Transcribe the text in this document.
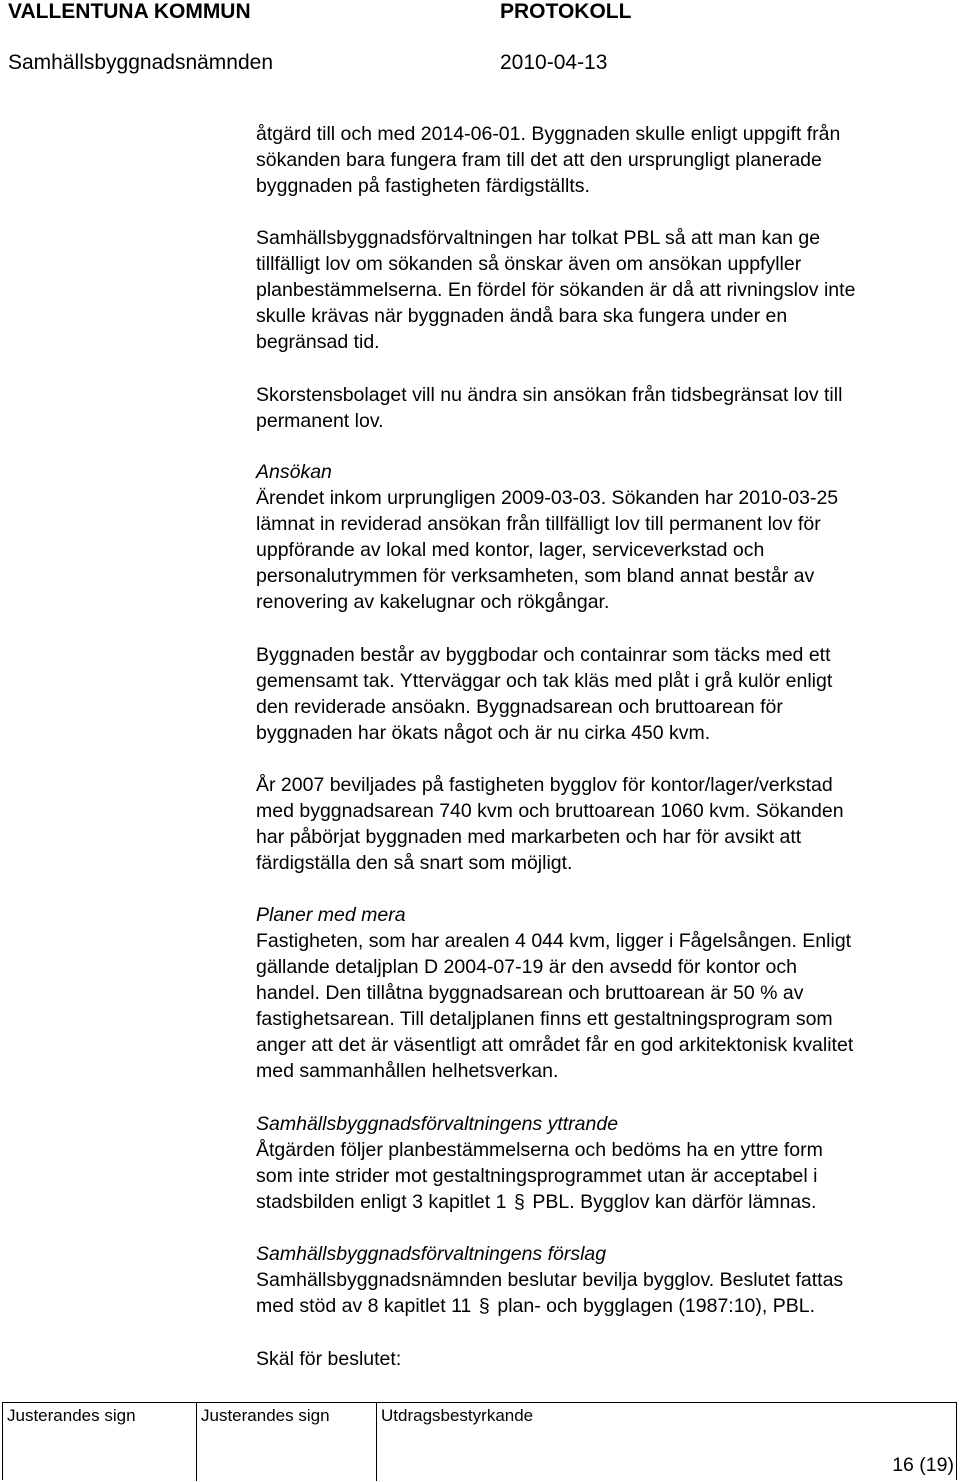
VALLENTUNA KOMMUN	PROTOKOLL
Samhällsbyggnadsnämnden	2010-04-13

åtgärd till och med 2014-06-01. Byggnaden skulle enligt uppgift från

sökanden bara fungera fram till det att den ursprungligt planerade

byggnaden på fastigheten färdigställts.

Samhällsbyggnadsförvaltningen har tolkat PBL så att man kan ge

tillfälligt lov om sökanden så önskar även om ansökan uppfyller

planbestämmelserna. En fördel för sökanden är då att rivningslov inte

skulle krävas när byggnaden ändå bara ska fungera under en

begränsad tid.

Skorstensbolaget vill nu ändra sin ansökan från tidsbegränsat lov till

permanent lov.

Ansökan

Ärendet inkom urprungligen 2009-03-03. Sökanden har 2010-03-25

lämnat in reviderad ansökan från tillfälligt lov till permanent lov för

uppförande av lokal med kontor, lager, serviceverkstad och

personalutrymmen för verksamheten, som bland annat består av

renovering av kakelugnar och rökgångar.

Byggnaden består av byggbodar och containrar som täcks med ett

gemensamt tak. Ytterväggar och tak kläs med plåt i grå kulör enligt

den reviderade ansöakn. Byggnadsarean och bruttoarean för

byggnaden har ökats något och är nu cirka 450 kvm.

År 2007 beviljades på fastigheten bygglov för kontor/lager/verkstad

med byggnadsarean 740 kvm och bruttoarean 1060 kvm. Sökanden

har påbörjat byggnaden med markarbeten och har för avsikt att

färdigställa den så snart som möjligt.

Planer med mera

Fastigheten, som har arealen 4 044 kvm, ligger i Fågelsången. Enligt

gällande detaljplan D 2004-07-19 är den avsedd för kontor och

handel. Den tillåtna byggnadsarean och bruttoarean är 50 % av

fastighetsarean. Till detaljplanen finns ett gestaltningsprogram som

anger att det är väsentligt att området får en god arkitektonisk kvalitet

med sammanhållen helhetsverkan.

Samhällsbyggnadsförvaltningens yttrande

Åtgärden följer planbestämmelserna och bedöms ha en yttre form

som inte strider mot gestaltningsprogrammet utan är acceptabel i

stadsbilden enligt 3 kapitlet 1 § PBL. Bygglov kan därför lämnas.

Samhällsbyggnadsförvaltningens förslag

Samhällsbyggnadsnämnden beslutar bevilja bygglov. Beslutet fattas

med stöd av 8 kapitlet 11 § plan- och bygglagen (1987:10), PBL.

Skäl för beslutet:

Justerandes sign	Justerandes sign	Utdragsbestyrkande
16 (19)
